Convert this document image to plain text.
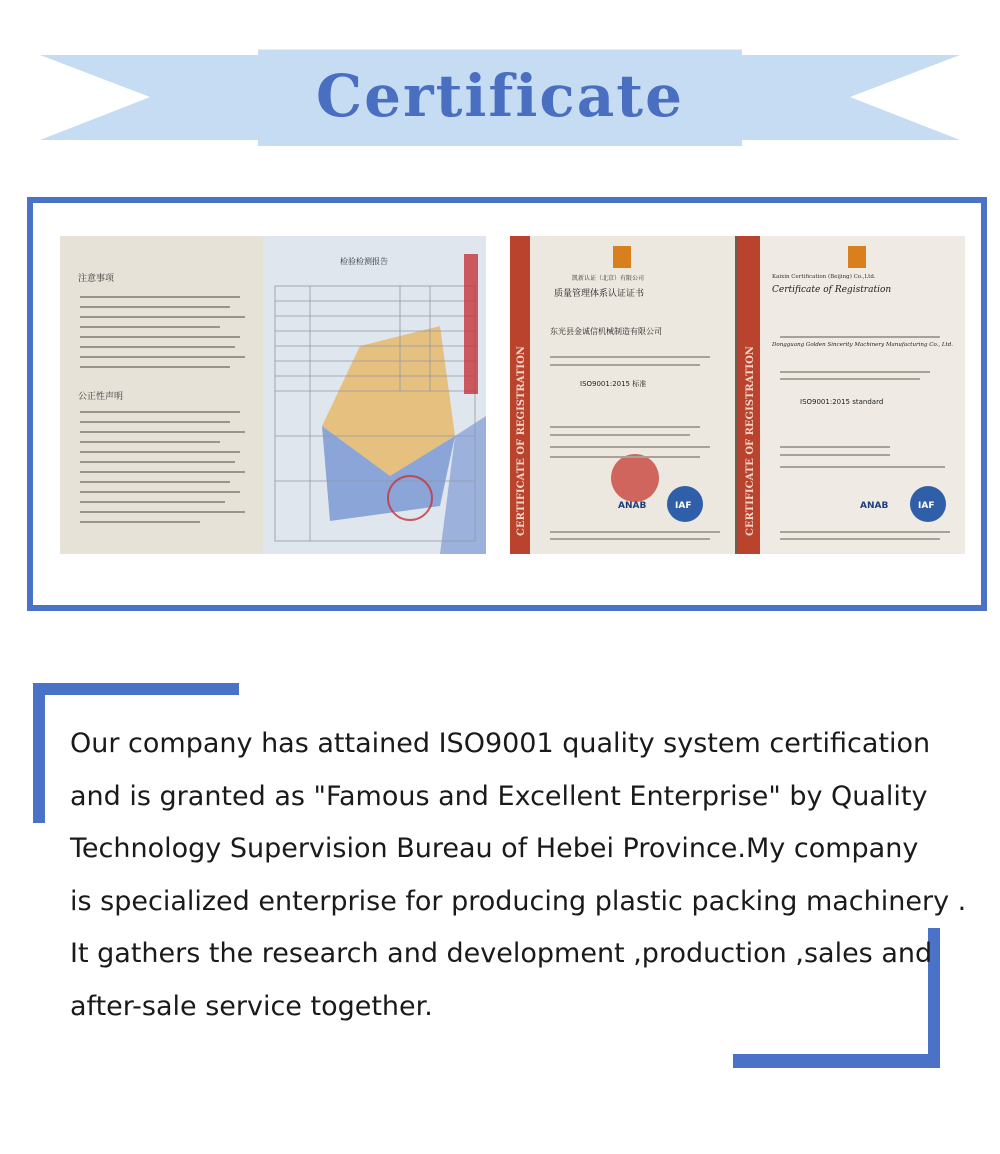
Certificate
注意事项
公正性声明
检验检测报告
凯新认证（北京）有限公司
质量管理体系认证证书
东光县金诚信机械制造有限公司
ISO9001:2015 标准
Kaixin Certification (Beijing) Co.,Ltd.
Certificate of Registration
Dongguang Golden Sincerity Machinery Manufacturing Co., Ltd.
ISO9001:2015 standard
CERTIFICATE OF REGISTRATION	CERTIFICATE OF REGISTRATION
ANAB	IAF	ANAB	IAF
Our company has attained ISO9001 quality system certification
and is granted as "Famous and Excellent Enterprise" by Quality
Technology Supervision Bureau of Hebei Province.My company
is specialized enterprise for producing plastic packing machinery .
It gathers the research and development ,production ,sales and
after-sale service together.
